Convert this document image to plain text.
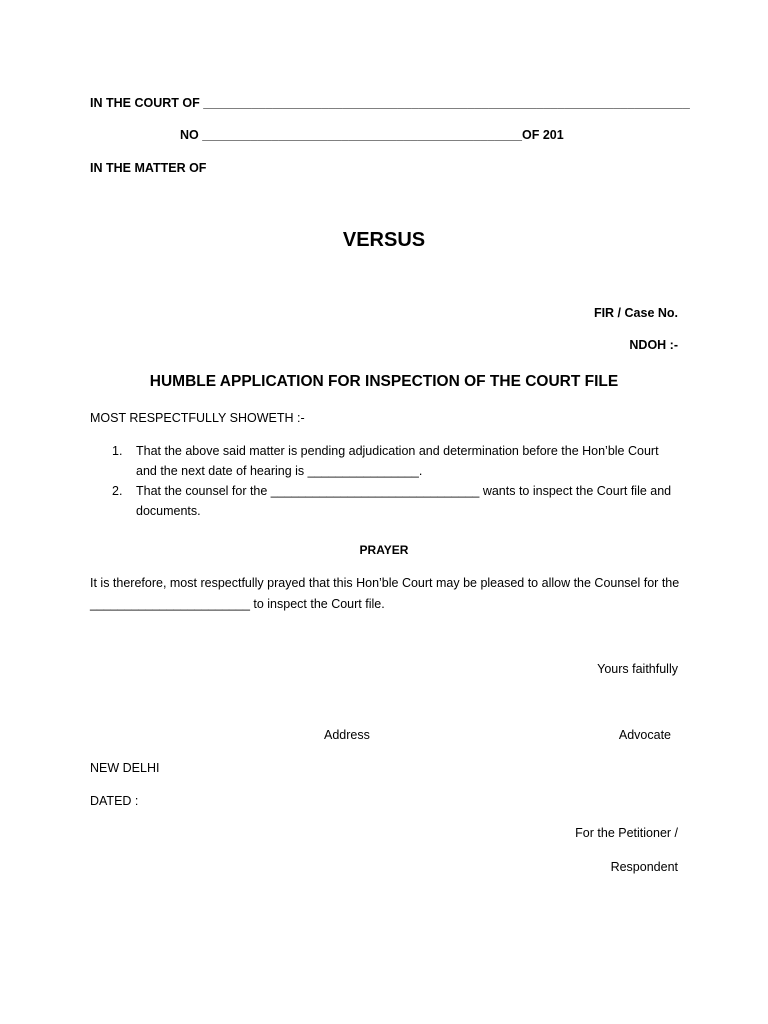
IN THE COURT OF ______________________________________________________________________
NO ______________________________________________OF 201
IN THE MATTER OF
VERSUS
FIR / Case No.
NDOH :-
HUMBLE APPLICATION FOR INSPECTION OF THE COURT FILE
MOST RESPECTFULLY SHOWETH :-
1. That the above said matter is pending adjudication and determination before the Hon’ble Court and the next date of hearing is ________________.
2. That the counsel for the ______________________________ wants to inspect the Court file and documents.
PRAYER
It is therefore, most respectfully prayed that this Hon’ble Court may be pleased to allow the Counsel for the _______________________ to inspect the Court file.
Yours faithfully
Address	Advocate
NEW DELHI
DATED :
For the Petitioner /
Respondent
